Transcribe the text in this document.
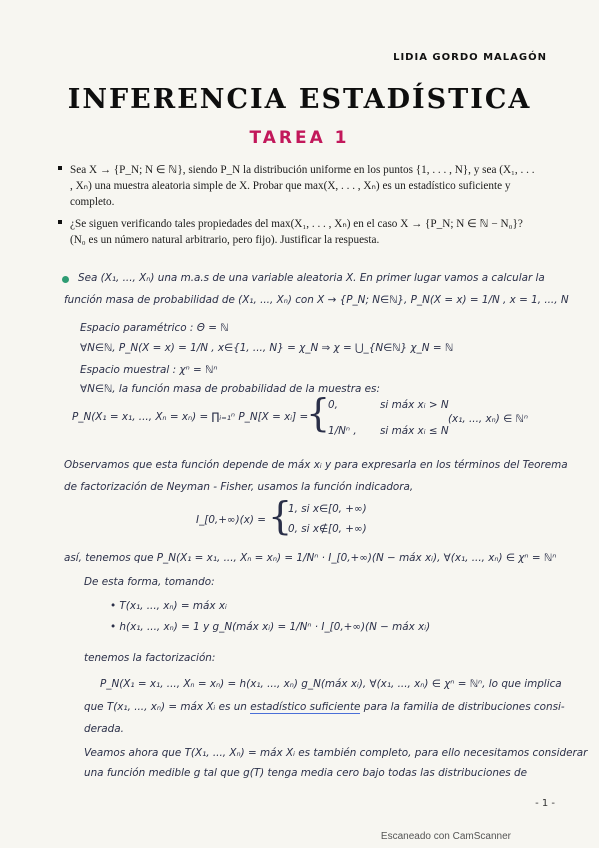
LIDIA GORDO MALAGÓN
INFERENCIA ESTADÍSTICA
TAREA 1
Sea X → {P_N; N ∈ ℕ}, siendo P_N la distribución uniforme en los puntos {1, . . . , N}, y sea (X₁, . . . , Xₙ) una muestra aleatoria simple de X. Probar que max(X, . . . , Xₙ) es un estadístico suficiente y completo.
¿Se siguen verificando tales propiedades del max(X₁, . . . , Xₙ) en el caso X → {P_N; N ∈ ℕ − N₀}? (N₀ es un número natural arbitrario, pero fijo). Justificar la respuesta.
Sea (X₁, ..., Xₙ) una m.a.s de una variable aleatoria X. En primer lugar vamos a calcular la
función masa de probabilidad de (X₁, ..., Xₙ) con X → {P_N; N∈ℕ}, P_N(X = x) = 1/N , x = 1, ..., N
Espacio paramétrico : Θ = ℕ
∀N∈ℕ, P_N(X = x) = 1/N , x∈{1, ..., N} = χ_N ⇒ χ = ⋃_{N∈ℕ} χ_N = ℕ
Espacio muestral : χⁿ = ℕⁿ
∀N∈ℕ, la función masa de probabilidad de la muestra es:
P_N(X₁ = x₁, ..., Xₙ = xₙ) = ∏ᵢ₌₁ⁿ P_N[X = xᵢ] =
{
0,	si máx xᵢ > N
1/Nⁿ , si máx xᵢ ≤ N
(x₁, ..., xₙ) ∈ ℕⁿ
Observamos que esta función depende de máx xᵢ y para expresarla en los términos del Teorema
de factorización de Neyman - Fisher, usamos la función indicadora,
I_[0,+∞)(x) = {
1, si x∈[0, +∞)
0, si x∉[0, +∞)
así, tenemos que P_N(X₁ = x₁, ..., Xₙ = xₙ) = 1/Nⁿ · I_[0,+∞)(N − máx xᵢ), ∀(x₁, ..., xₙ) ∈ χⁿ = ℕⁿ
De esta forma, tomando:
• T(x₁, ..., xₙ) = máx xᵢ
• h(x₁, ..., xₙ) = 1 y g_N(máx xᵢ) = 1/Nⁿ · I_[0,+∞)(N − máx xᵢ)
tenemos la factorización:
P_N(X₁ = x₁, ..., Xₙ = xₙ) = h(x₁, ..., xₙ) g_N(máx xᵢ), ∀(x₁, ..., xₙ) ∈ χⁿ = ℕⁿ, lo que implica
que T(x₁, ..., xₙ) = máx Xᵢ es un estadístico suficiente para la familia de distribuciones consi-
derada.
Veamos ahora que T(X₁, ..., Xₙ) = máx Xᵢ es también completo, para ello necesitamos considerar
una función medible g tal que g(T) tenga media cero bajo todas las distribuciones de
- 1 -
Escaneado con CamScanner
